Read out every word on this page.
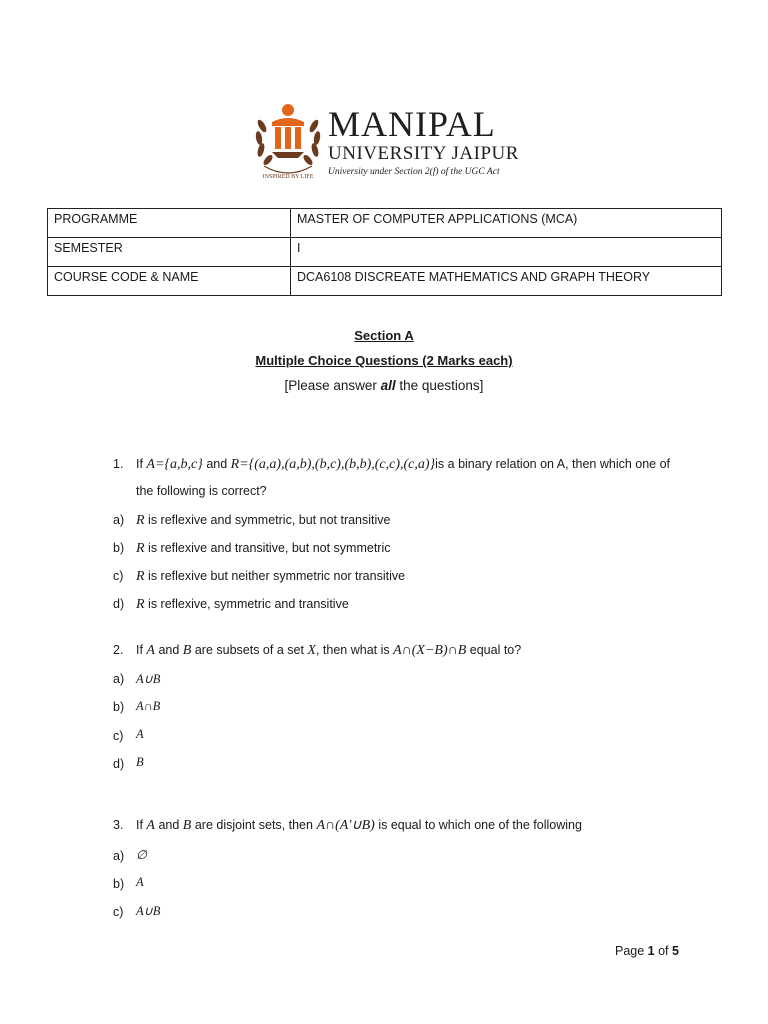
INSPIRED BY LIFE
MANIPAL
UNIVERSITY JAIPUR
University under Section 2(f) of the UGC Act
PROGRAMME	MASTER OF COMPUTER APPLICATIONS (MCA)
SEMESTER	I
COURSE CODE & NAME	DCA6108 DISCREATE MATHEMATICS AND GRAPH THEORY
Section A
Multiple Choice Questions (2 Marks each)
[Please answer all the questions]
1. If A={a,b,c} and R={(a,a),(a,b),(b,c),(b,b),(c,c),(c,a)}is a binary relation on A, then which one of
the following is correct?
a) R is reflexive and symmetric, but not transitive
b) R is reflexive and transitive, but not symmetric
c) R is reflexive but neither symmetric nor transitive
d) R is reflexive, symmetric and transitive
2. If A and B are subsets of a set X, then what is A∩(X−B)∩B equal to?
a) A∪B
b) A∩B
c) A
d) B
3. If A and B are disjoint sets, then A∩(A′∪B) is equal to which one of the following
a) ∅
b) A
c) A∪B
Page 1 of 5
